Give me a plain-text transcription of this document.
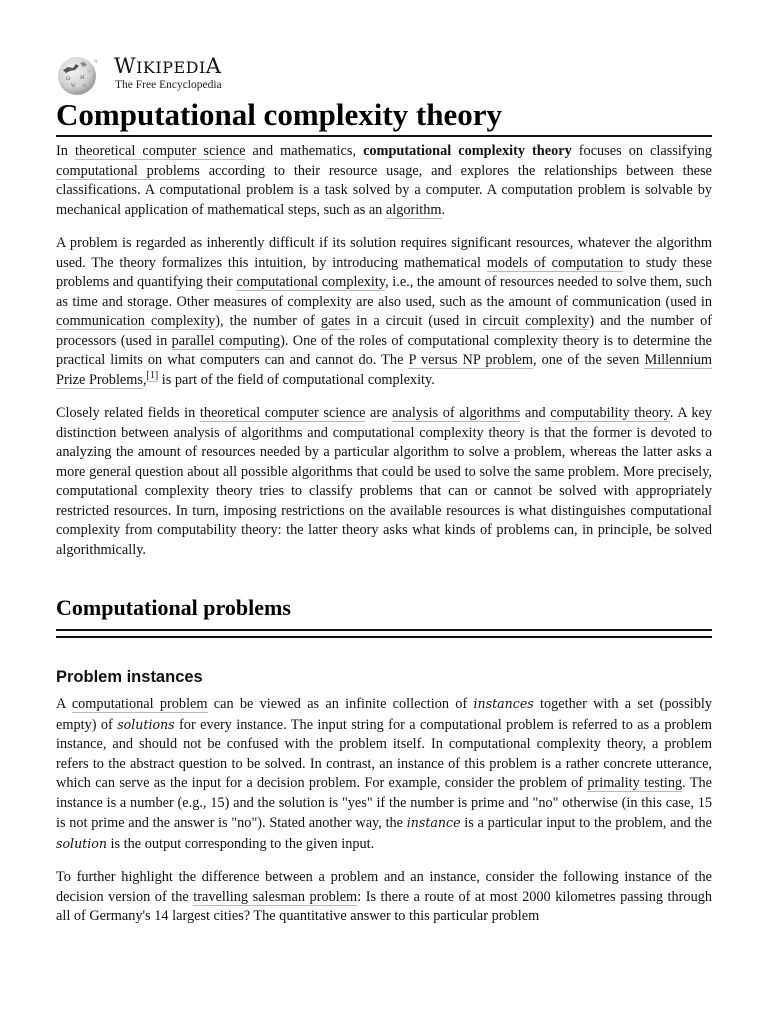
Ω И
W ก
ウ WIKIPEDIA
The Free Encyclopedia
Computational complexity theory

In theoretical computer science and mathematics, computational complexity theory focuses on classifying computational problems according to their resource usage, and explores the relationships between these classifications. A computational problem is a task solved by a computer. A computation problem is solvable by mechanical application of mathematical steps, such as an algorithm.

A problem is regarded as inherently difficult if its solution requires significant resources, whatever the algorithm used. The theory formalizes this intuition, by introducing mathematical models of computation to study these problems and quantifying their computational complexity, i.e., the amount of resources needed to solve them, such as time and storage. Other measures of complexity are also used, such as the amount of communication (used in communication complexity), the number of gates in a circuit (used in circuit complexity) and the number of processors (used in parallel computing). One of the roles of computational complexity theory is to determine the practical limits on what computers can and cannot do. The P versus NP problem, one of the seven Millennium Prize Problems,[1] is part of the field of computational complexity.

Closely related fields in theoretical computer science are analysis of algorithms and computability theory. A key distinction between analysis of algorithms and computational complexity theory is that the former is devoted to analyzing the amount of resources needed by a particular algorithm to solve a problem, whereas the latter asks a more general question about all possible algorithms that could be used to solve the same problem. More precisely, computational complexity theory tries to classify problems that can or cannot be solved with appropriately restricted resources. In turn, imposing restrictions on the available resources is what distinguishes computational complexity from computability theory: the latter theory asks what kinds of problems can, in principle, be solved algorithmically.

Computational problems
Problem instances

A computational problem can be viewed as an infinite collection of instances together with a set (possibly empty) of solutions for every instance. The input string for a computational problem is referred to as a problem instance, and should not be confused with the problem itself. In computational complexity theory, a problem refers to the abstract question to be solved. In contrast, an instance of this problem is a rather concrete utterance, which can serve as the input for a decision problem. For example, consider the problem of primality testing. The instance is a number (e.g., 15) and the solution is "yes" if the number is prime and "no" otherwise (in this case, 15 is not prime and the answer is "no"). Stated another way, the instance is a particular input to the problem, and the solution is the output corresponding to the given input.

To further highlight the difference between a problem and an instance, consider the following instance of the decision version of the travelling salesman problem: Is there a route of at most 2000 kilometres passing through all of Germany's 14 largest cities? The quantitative answer to this particular problem
